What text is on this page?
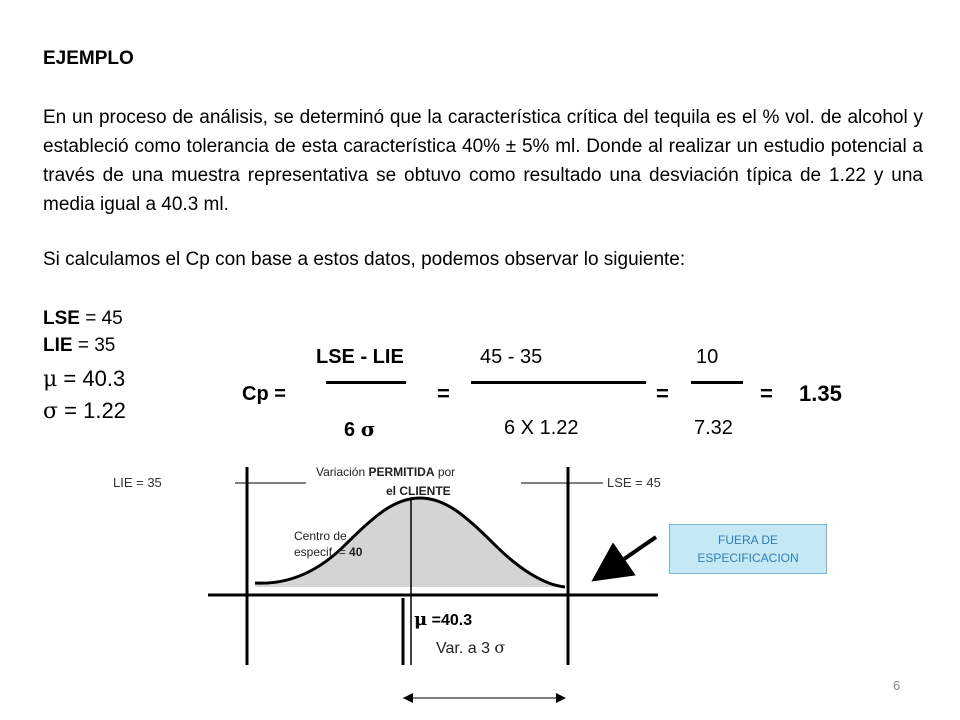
EJEMPLO
En un proceso de análisis, se determinó que la característica crítica del tequila es el % vol. de alcohol y estableció como tolerancia de esta característica 40% ± 5% ml. Donde al realizar un estudio potencial a través de una muestra representativa se obtuvo como resultado una desviación típica de 1.22 y una media igual a 40.3 ml.
Si calculamos el Cp con base a estos datos, podemos observar lo siguiente:
LSE = 45
LIE = 35
μ = 40.3
σ = 1.22
LSE - LIE	45 - 35	10
Cp =	=	=	= 1.35
6 σ	6 X 1.22	7.32
LIE = 35	LSE = 45
Variación PERMITIDA por
el CLIENTE
Centro de
especif. = 40
μ =40.3
Var. a 3 σ
FUERA DE
ESPECIFICACION
6
